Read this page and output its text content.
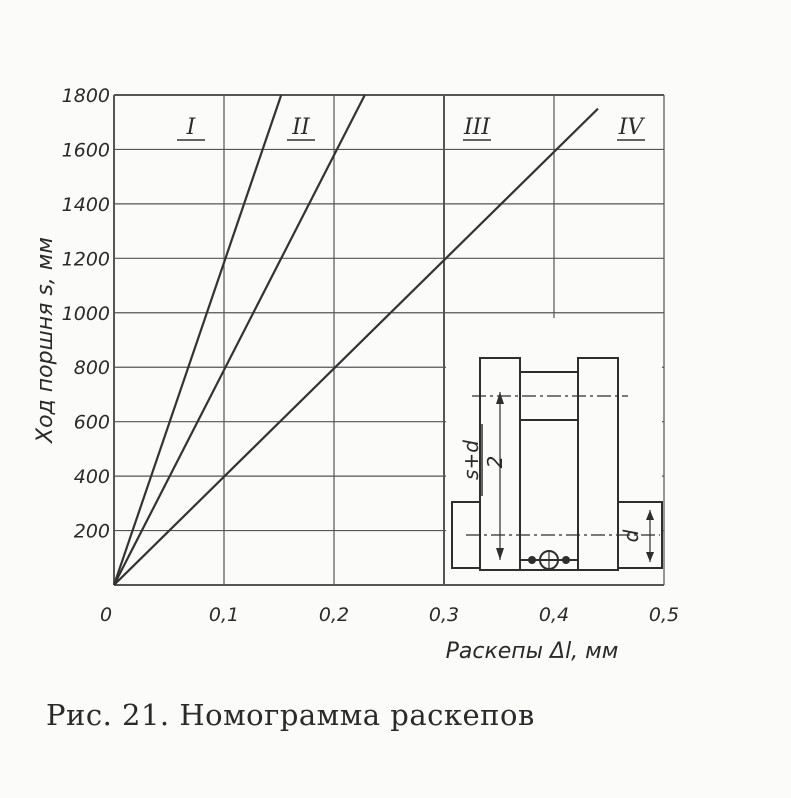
I	II	III	IV
200
400
600
800
1000
1200
1400
1600
1800
0	0,1	0,2	0,3	0,4	0,5
Ход поршня s, мм
Раскепы Δl, мм
s+d 2
d
Рис. 21. Номограмма раскепов
